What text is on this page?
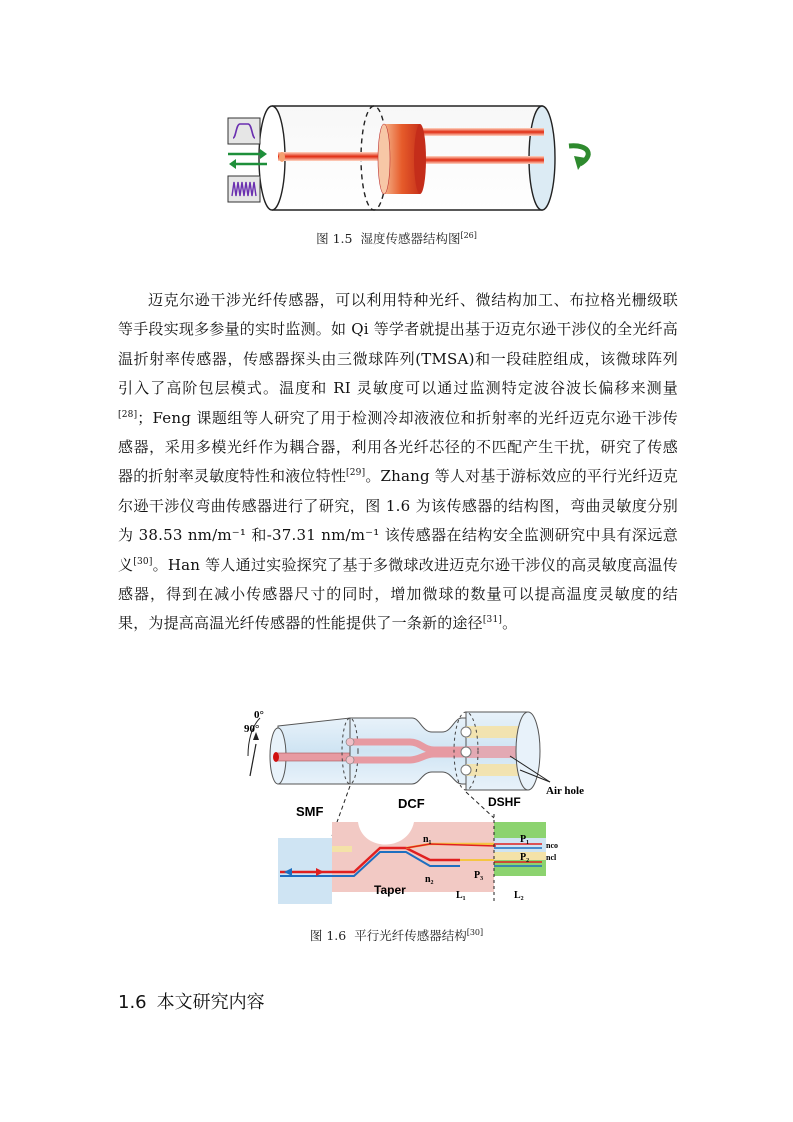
图 1.5 湿度传感器结构图[26]
迈克尔逊干涉光纤传感器，可以利用特种光纤、微结构加工、布拉格光栅级联等手段实现多参量的实时监测。如 Qi 等学者就提出基于迈克尔逊干涉仪的全光纤高温折射率传感器，传感器探头由三微球阵列(TMSA)和一段硅腔组成，该微球阵列引入了高阶包层模式。温度和 RI 灵敏度可以通过监测特定波谷波长偏移来测量[28]；Feng 课题组等人研究了用于检测冷却液液位和折射率的光纤迈克尔逊干涉传感器，采用多模光纤作为耦合器，利用各光纤芯径的不匹配产生干扰，研究了传感器的折射率灵敏度特性和液位特性[29]。Zhang 等人对基于游标效应的平行光纤迈克尔逊干涉仪弯曲传感器进行了研究，图 1.6 为该传感器的结构图，弯曲灵敏度分别为 38.53 nm/m⁻¹ 和-37.31 nm/m⁻¹ 该传感器在结构安全监测研究中具有深远意义[30]。Han 等人通过实验探究了基于多微球改进迈克尔逊干涉仪的高灵敏度高温传感器，得到在减小传感器尺寸的同时，增加微球的数量可以提高温度灵敏度的结果，为提高高温光纤传感器的性能提供了一条新的途径[31]。
90°
0°
SMF
DCF	DSHF
Air hole
n₁
n₂	P₃
P₁
P₂
nco
ncl
Taper	L₁	L₂
图 1.6 平行光纤传感器结构[30]
1.6 本文研究内容
